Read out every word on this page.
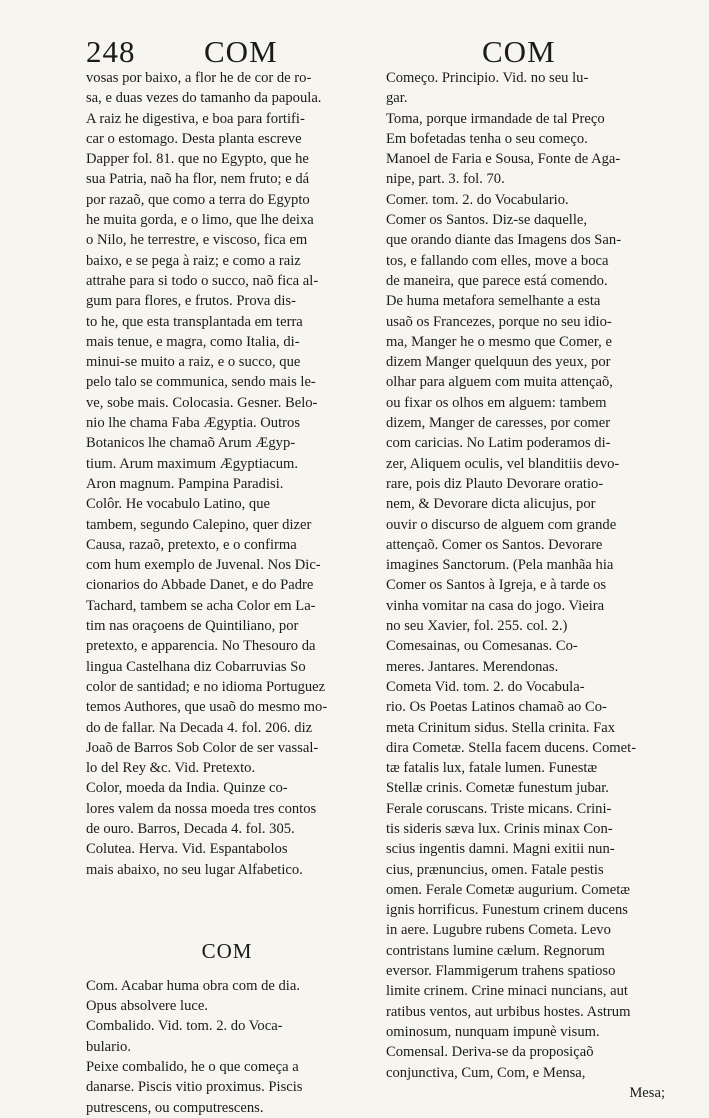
248 COM	COM
vosas por baixo, a flor he de cor de ro-
sa, e duas vezes do tamanho da papoula.
A raiz he digestiva, e boa para fortifi-
car o estomago. Desta planta escreve
Dapper fol. 81. que no Egypto, que he
sua Patria, naõ ha flor, nem fruto; e dá
por razaõ, que como a terra do Egypto
he muita gorda, e o limo, que lhe deixa
o Nilo, he terrestre, e viscoso, fica em
baixo, e se pega à raiz; e como a raiz
attrahe para si todo o succo, naõ fica al-
gum para flores, e frutos. Prova dis-
to he, que esta transplantada em terra
mais tenue, e magra, como Italia, di-
minui-se muito a raiz, e o succo, que
pelo talo se communica, sendo mais le-
ve, sobe mais. Colocasia. Gesner. Belo-
nio lhe chama Faba Ægyptia. Outros
Botanicos lhe chamaõ Arum Ægyp-
tium. Arum maximum Ægyptiacum.
Aron magnum. Pampina Paradisi.
Colôr. He vocabulo Latino, que
tambem, segundo Calepino, quer dizer
Causa, razaõ, pretexto, e o confirma
com hum exemplo de Juvenal. Nos Dic-
cionarios do Abbade Danet, e do Padre
Tachard, tambem se acha Color em La-
tim nas oraçoens de Quintiliano, por
pretexto, e apparencia. No Thesouro da
lingua Castelhana diz Cobarruvias So
color de santidad; e no idioma Portuguez
temos Authores, que usaõ do mesmo mo-
do de fallar. Na Decada 4. fol. 206. diz
Joaõ de Barros Sob Color de ser vassal-
lo del Rey &c. Vid. Pretexto.
Color, moeda da India. Quinze co-
lores valem da nossa moeda tres contos
de ouro. Barros, Decada 4. fol. 305.
Colutea. Herva. Vid. Espantabolos
mais abaixo, no seu lugar Alfabetico.
COM
Com. Acabar huma obra com de dia.
Opus absolvere luce.
Combalido. Vid. tom. 2. do Voca-
bulario.
Peixe combalido, he o que começa a
danarse. Piscis vitio proximus. Piscis
putrescens, ou computrescens.
Começo. Principio. Vid. no seu lu-
gar.
Toma, porque irmandade de tal Preço
Em bofetadas tenha o seu começo.
Manoel de Faria e Sousa, Fonte de Aga-
nipe, part. 3. fol. 70.
Comer. tom. 2. do Vocabulario.
Comer os Santos. Diz-se daquelle,
que orando diante das Imagens dos San-
tos, e fallando com elles, move a boca
de maneira, que parece está comendo.
De huma metafora semelhante a esta
usaõ os Francezes, porque no seu idio-
ma, Manger he o mesmo que Comer, e
dizem Manger quelquun des yeux, por
olhar para alguem com muita attençaõ,
ou fixar os olhos em alguem: tambem
dizem, Manger de caresses, por comer
com caricias. No Latim poderamos di-
zer, Aliquem oculis, vel blanditiis devo-
rare, pois diz Plauto Devorare oratio-
nem, & Devorare dicta alicujus, por
ouvir o discurso de alguem com grande
attençaõ. Comer os Santos. Devorare
imagines Sanctorum. (Pela manhãa hia
Comer os Santos à Igreja, e à tarde os
vinha vomitar na casa do jogo. Vieira
no seu Xavier, fol. 255. col. 2.)
Comesainas, ou Comesanas. Co-
meres. Jantares. Merendonas.
Cometa Vid. tom. 2. do Vocabula-
rio. Os Poetas Latinos chamaõ ao Co-
meta Crinitum sidus. Stella crinita. Fax
dira Cometæ. Stella facem ducens. Comet-
tæ fatalis lux, fatale lumen. Funestæ
Stellæ crinis. Cometæ funestum jubar.
Ferale coruscans. Triste micans. Crini-
tis sideris sæva lux. Crinis minax Con-
scius ingentis damni. Magni exitii nun-
cius, prænuncius, omen. Fatale pestis
omen. Ferale Cometæ augurium. Cometæ
ignis horrificus. Funestum crinem ducens
in aere. Lugubre rubens Cometa. Levo
contristans lumine cælum. Regnorum
eversor. Flammigerum trahens spatioso
limite crinem. Crine minaci nuncians, aut
ratibus ventos, aut urbibus hostes. Astrum
ominosum, nunquam impunè visum.
Comensal. Deriva-se da proposiçaõ
conjunctiva, Cum, Com, e Mensa,
Mesa;
